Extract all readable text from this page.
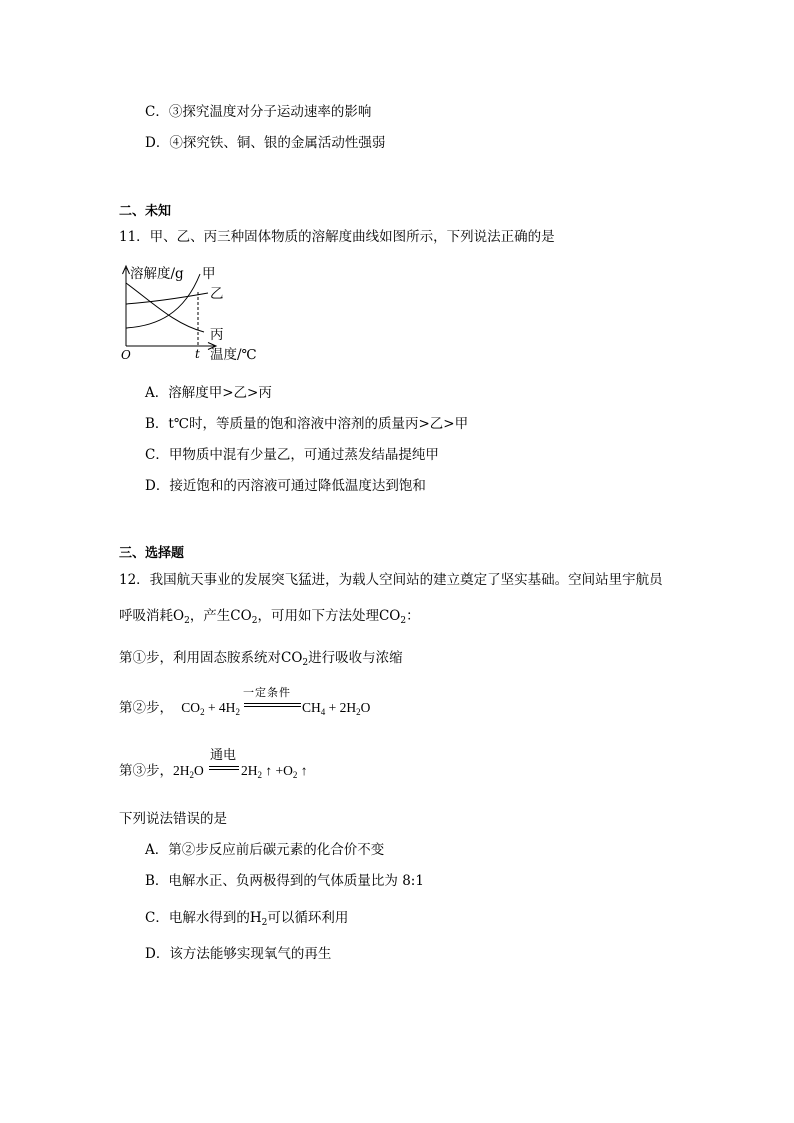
C．③探究温度对分子运动速率的影响
D．④探究铁、铜、银的金属活动性强弱
二、未知
11．甲、乙、丙三种固体物质的溶解度曲线如图所示，下列说法正确的是
溶解度/g 甲
乙
丙
O	t 温度/℃
A．溶解度甲>乙>丙
B．t℃时，等质量的饱和溶液中溶剂的质量丙>乙>甲
C．甲物质中混有少量乙，可通过蒸发结晶提纯甲
D．接近饱和的丙溶液可通过降低温度达到饱和
三、选择题
12．我国航天事业的发展突飞猛进，为载人空间站的建立奠定了坚实基础。空间站里宇航员
呼吸消耗$O_2$，产生$CO_2$，可用如下方法处理$CO_2$：
第①步，利用固态胺系统对$CO_2$进行吸收与浓缩
第②步， $CO_2 + 4H_2$
一定条件
$CH_4 + 2H_2O$
第③步，$2H_2O$
通电
$2H_2$ ↑ $+O_2$ ↑
下列说法错误的是
A．第②步反应前后碳元素的化合价不变
B．电解水正、负两极得到的气体质量比为 8:1
C．电解水得到的$H_2$可以循环利用
D．该方法能够实现氧气的再生
